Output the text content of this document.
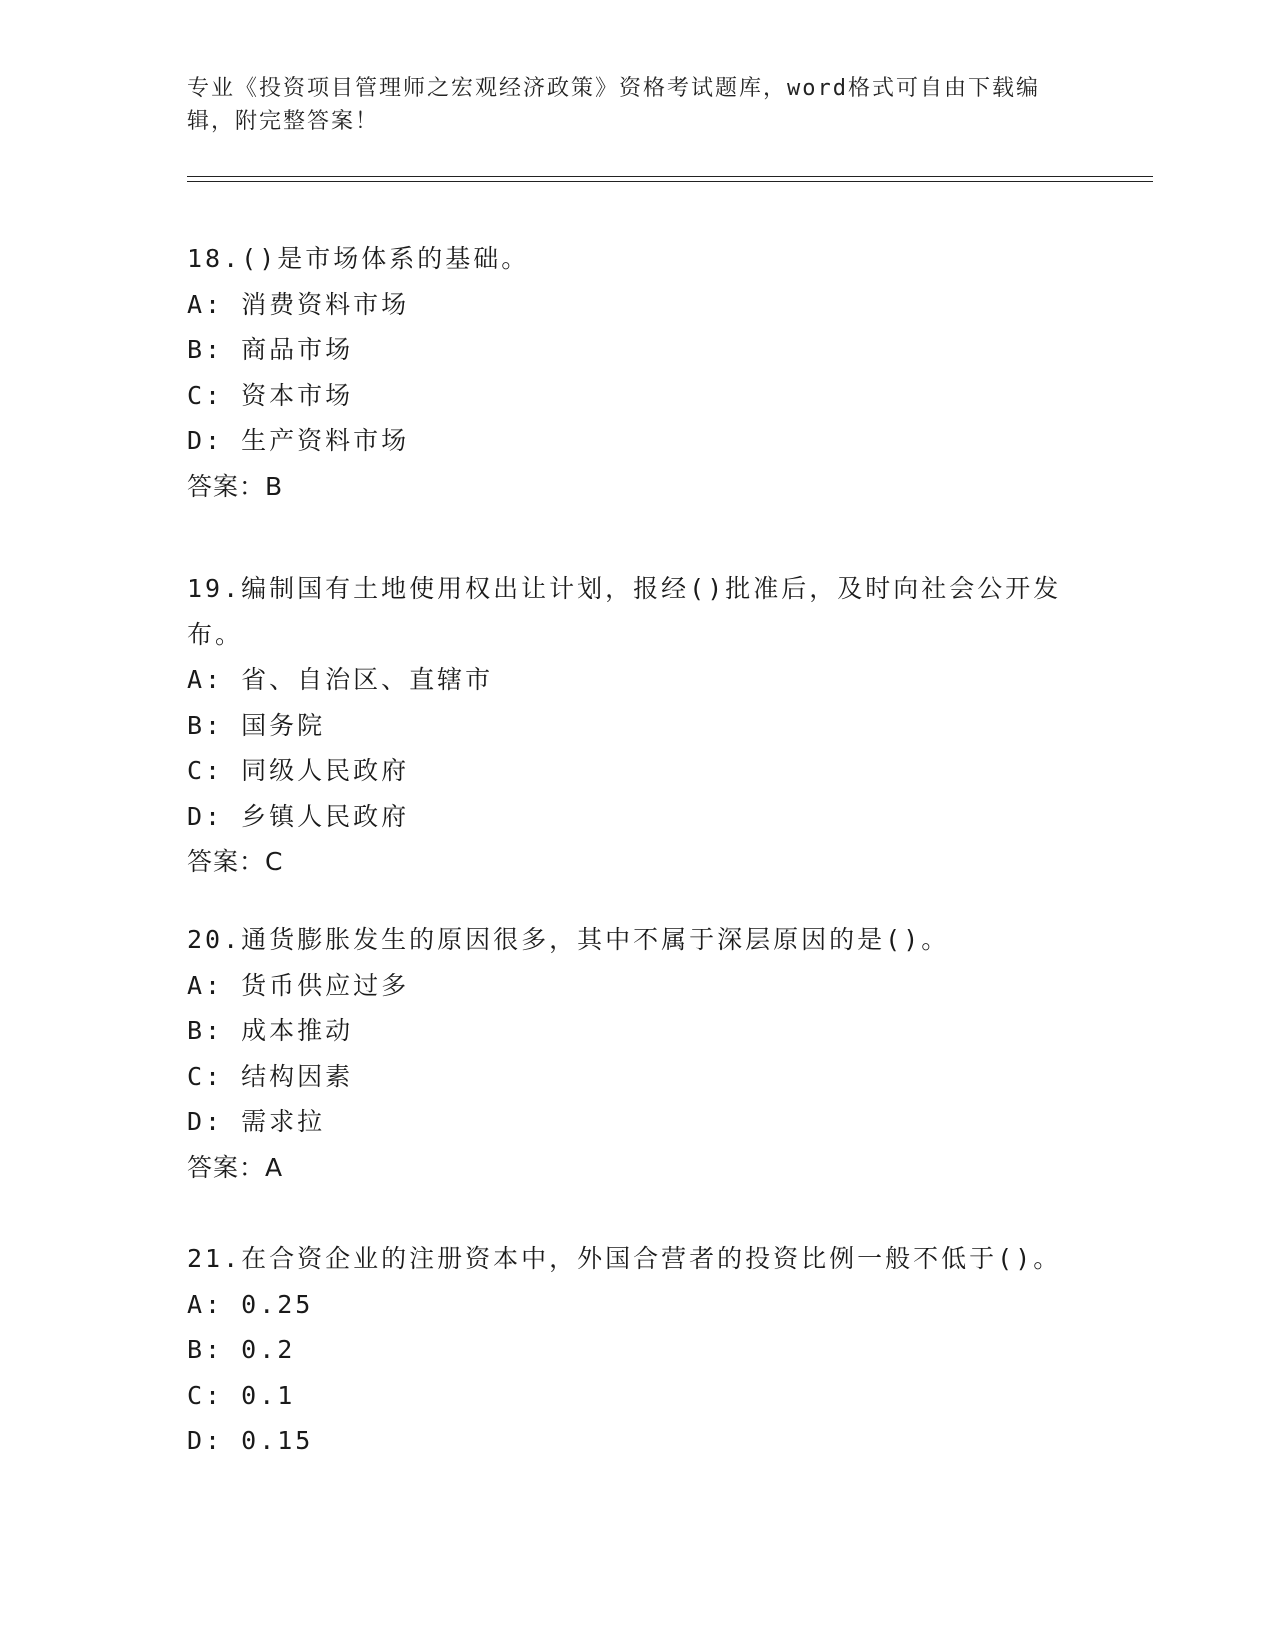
专业《投资项目管理师之宏观经济政策》资格考试题库，word格式可自由下载编辑，附完整答案！
18.()是市场体系的基础。
A: 消费资料市场
B: 商品市场
C: 资本市场
D: 生产资料市场
答案：B
19.编制国有土地使用权出让计划，报经()批准后，及时向社会公开发布。
A: 省、自治区、直辖市
B: 国务院
C: 同级人民政府
D: 乡镇人民政府
答案：C
20.通货膨胀发生的原因很多，其中不属于深层原因的是()。
A: 货币供应过多
B: 成本推动
C: 结构因素
D: 需求拉
答案：A
21.在合资企业的注册资本中，外国合营者的投资比例一般不低于()。
A: 0.25
B: 0.2
C: 0.1
D: 0.15
